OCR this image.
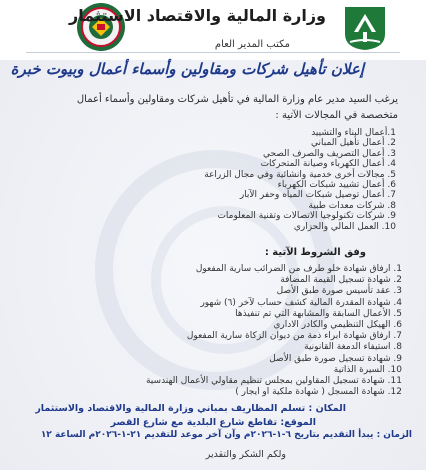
وزارة المالية والاقتصاد الاستثمار
مكتب المدير العام
إعلان تأهيل شركات ومقاولين وأسماء أعمال وبيوت خبرة
يرغب السيد مدير عام وزارة المالية في تأهيل شركات ومقاولين وأسماء أعمال
متخصصة في المجالات الآتية :
1.أعمال البناء والتشييد
2. أعمال تأهيل المباني
3. أعمال التصريف والصرف الصحي
4. أعمال الكهرباء وصيانة المتحركات
5. مجالات أخرى خدمية وانشائية وفي مجال الزراعة
6. أعمال تشييد شبكات الكهرباء
7. أعمال توصيل شبكات المياه وحفر الآبار
8. شركات معدات طبية
9. شركات تكنولوجيا الاتصالات وتقنية المعلومات
10. العمل المالي والحزاري
وفق الشروط الآتية :
1. ارفاق شهادة خلو طرف من الضرائب سارية المفعول
2. شهادة تسجيل القيمة المضافة
3. عقد تأسيس صورة طبق الأصل
4. شهادة المقدرة المالية كشف حساب لآخر (٦) شهور
5. الأعمال السابقة والمشابهة التي تم تنفيذها
6. الهيكل التنظيمي والكادر الاداري
7. ارفاق شهادة ابراء ذمة من ديوان الزكاة سارية المفعول
8. استيفاء الدمغة القانونية
9. شهادة تسجيل صورة طبق الأصل
10. السيرة الذاتية
11. شهادة تسجيل المقاولين بمجلس تنظيم مقاولي الأعمال الهندسية
12. شهادة المسجل ( شهادة ملكية او ايجار )
المكان : تسلم المظاريف بمباني وزارة المالية والاقتصاد والاستثمار
الموقع: تقاطع شارع البلدية مع شارع القصر
الزمان : يبدأ التقديم بتاريخ ٦-١-٢٠٢٦م وآن آخر موعد للتقديم ٢١-١-٢٠٢٦م الساعة ١٢
ولكم الشكر والتقدير
